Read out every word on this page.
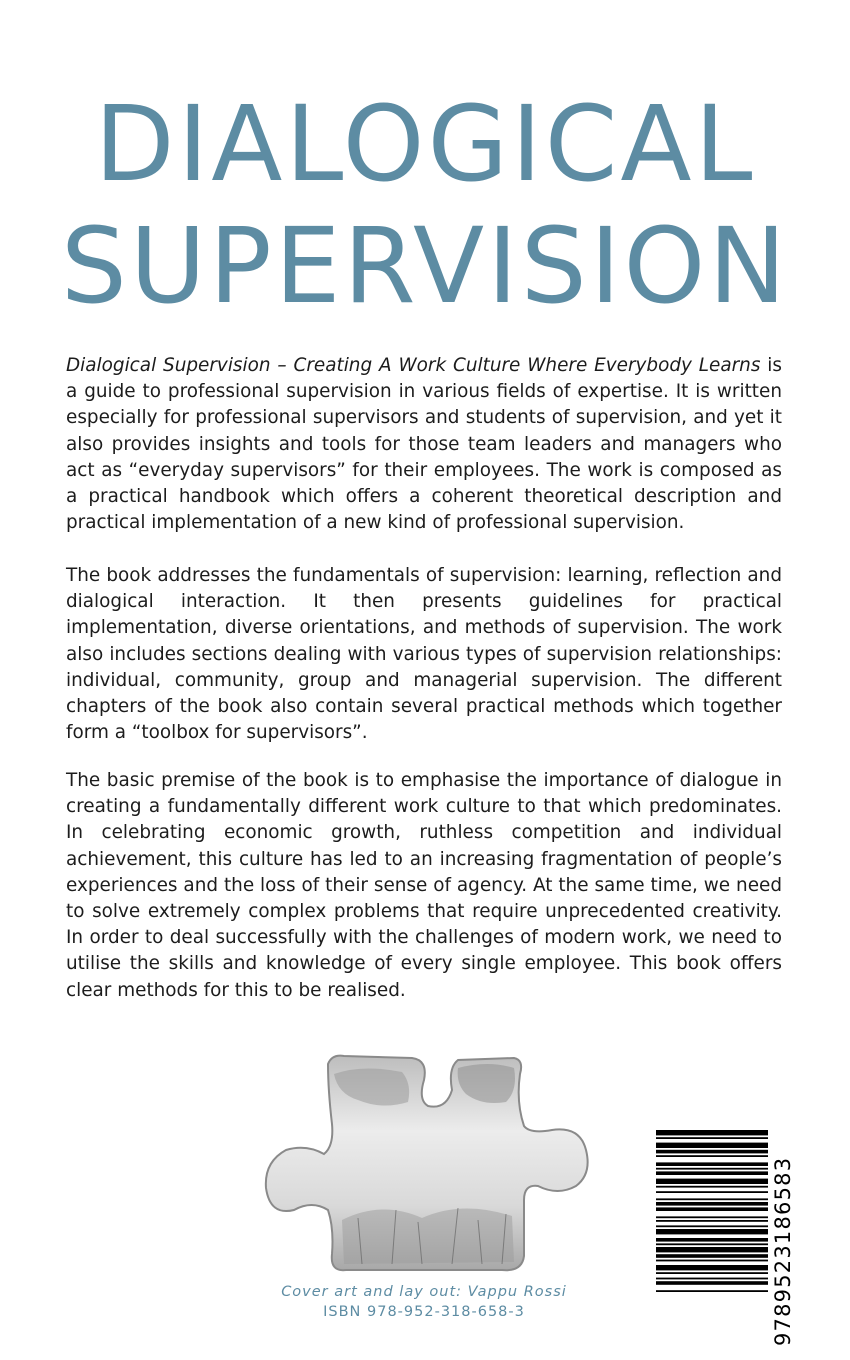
DIALOGICAL
SUPERVISION
Dialogical Supervision – Creating A Work Culture Where Everybody Learns is a guide to professional supervision in various fields of expertise. It is written especially for professional supervisors and students of supervision, and yet it also provides insights and tools for those team leaders and managers who act as “everyday supervisors” for their employees. The work is composed as a practical handbook which offers a coherent theoretical description and practical implementation of a new kind of professional supervision.
The book addresses the fundamentals of supervision: learning, reflection and dialogical interaction. It then presents guidelines for practical implementation, diverse orientations, and methods of supervision. The work also includes sections dealing with various types of supervision relationships: individual, community, group and managerial supervision. The different chapters of the book also contain several practical methods which together form a “toolbox for supervisors”.
The basic premise of the book is to emphasise the importance of dialogue in creating a fundamentally different work culture to that which predominates. In celebrating economic growth, ruthless competition and individual achievement, this culture has led to an increasing fragmentation of people’s experiences and the loss of their sense of agency. At the same time, we need to solve extremely complex problems that require unprecedented creativity. In order to deal successfully with the challenges of modern work, we need to utilise the skills and knowledge of every single employee. This book offers clear methods for this to be realised.
9789523186583
Cover art and lay out: Vappu Rossi
ISBN 978-952-318-658-3
